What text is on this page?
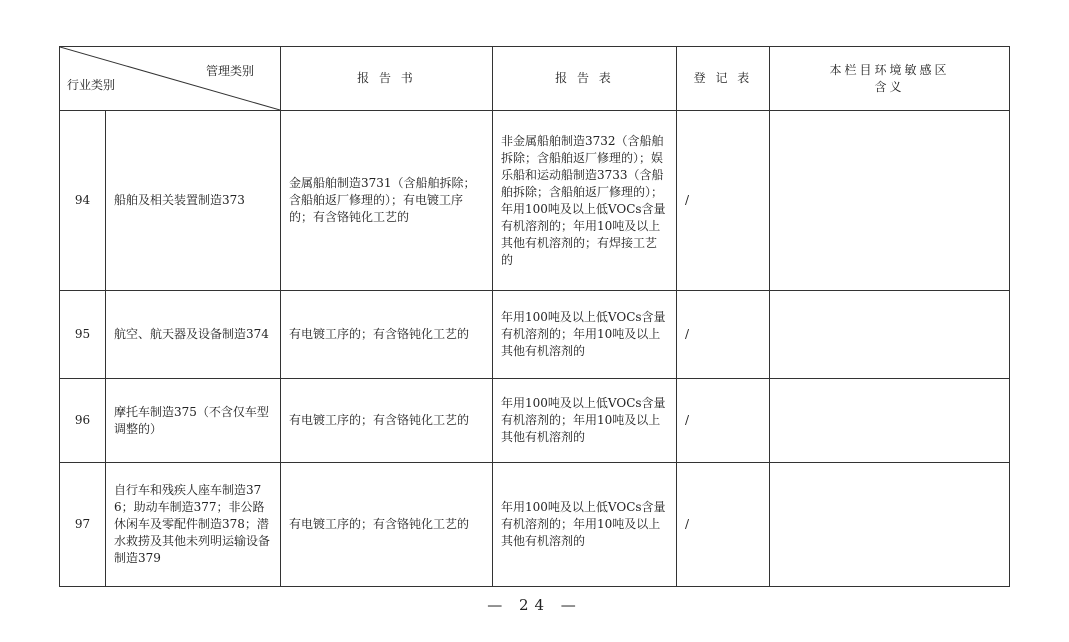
管理类别
行业类别		报 告 书	报 告 表	登 记 表	本栏目环境敏感区
含义
94	船舶及相关装置制造373	金属船舶制造3731（含船舶拆除；含船舶返厂修理的）；有电镀工序的；有含铬钝化工艺的	非金属船舶制造3732（含船舶拆除；含船舶返厂修理的）；娱乐船和运动船制造3733（含船舶拆除；含船舶返厂修理的）；年用100吨及以上低VOCs含量有机溶剂的；年用10吨及以上其他有机溶剂的；有焊接工艺的	/	
95	航空、航天器及设备制造374	有电镀工序的；有含铬钝化工艺的	年用100吨及以上低VOCs含量有机溶剂的；年用10吨及以上其他有机溶剂的	/	
96	摩托车制造375（不含仅车型调整的）	有电镀工序的；有含铬钝化工艺的	年用100吨及以上低VOCs含量有机溶剂的；年用10吨及以上其他有机溶剂的	/	
97	自行车和残疾人座车制造376；助动车制造377；非公路休闲车及零配件制造378；潜水救捞及其他未列明运输设备制造379	有电镀工序的；有含铬钝化工艺的	年用100吨及以上低VOCs含量有机溶剂的；年用10吨及以上其他有机溶剂的	/	
— 24 —
